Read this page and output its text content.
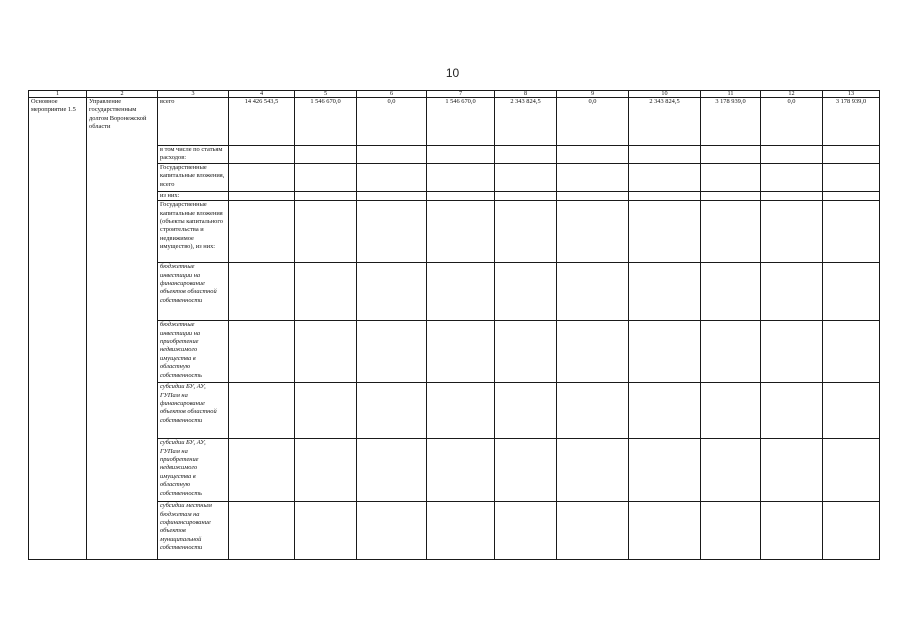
10
1	2	3	4	5	6	7	8	9	10	11	12	13
Основное мероприятие 1.5	Управление государственным долгом Воронежской области	всего	14 426 543,5	1 546 670,0	0,0	1 546 670,0	2 343 824,5	0,0	2 343 824,5	3 178 939,0	0,0	3 178 939,0
		в том числе по статьям расходов:										
		Государственные капитальные вложения, всего										
		из них:										
		Государственные капитальные вложения (объекты капитального строительства и недвижимое имущество), из них:										
		бюджетные инвестиции на финансирование объектов областной собственности										
		бюджетные инвестиции на приобретение недвижимого имущества в областную собственность										
		субсидии БУ, АУ, ГУПам на финансирование объектов областной собственности										
		субсидии БУ, АУ, ГУПам на приобретение недвижимого имущества в областную собственность										
		субсидии местным бюджетам на софинансирование объектов муниципальной собственности										
